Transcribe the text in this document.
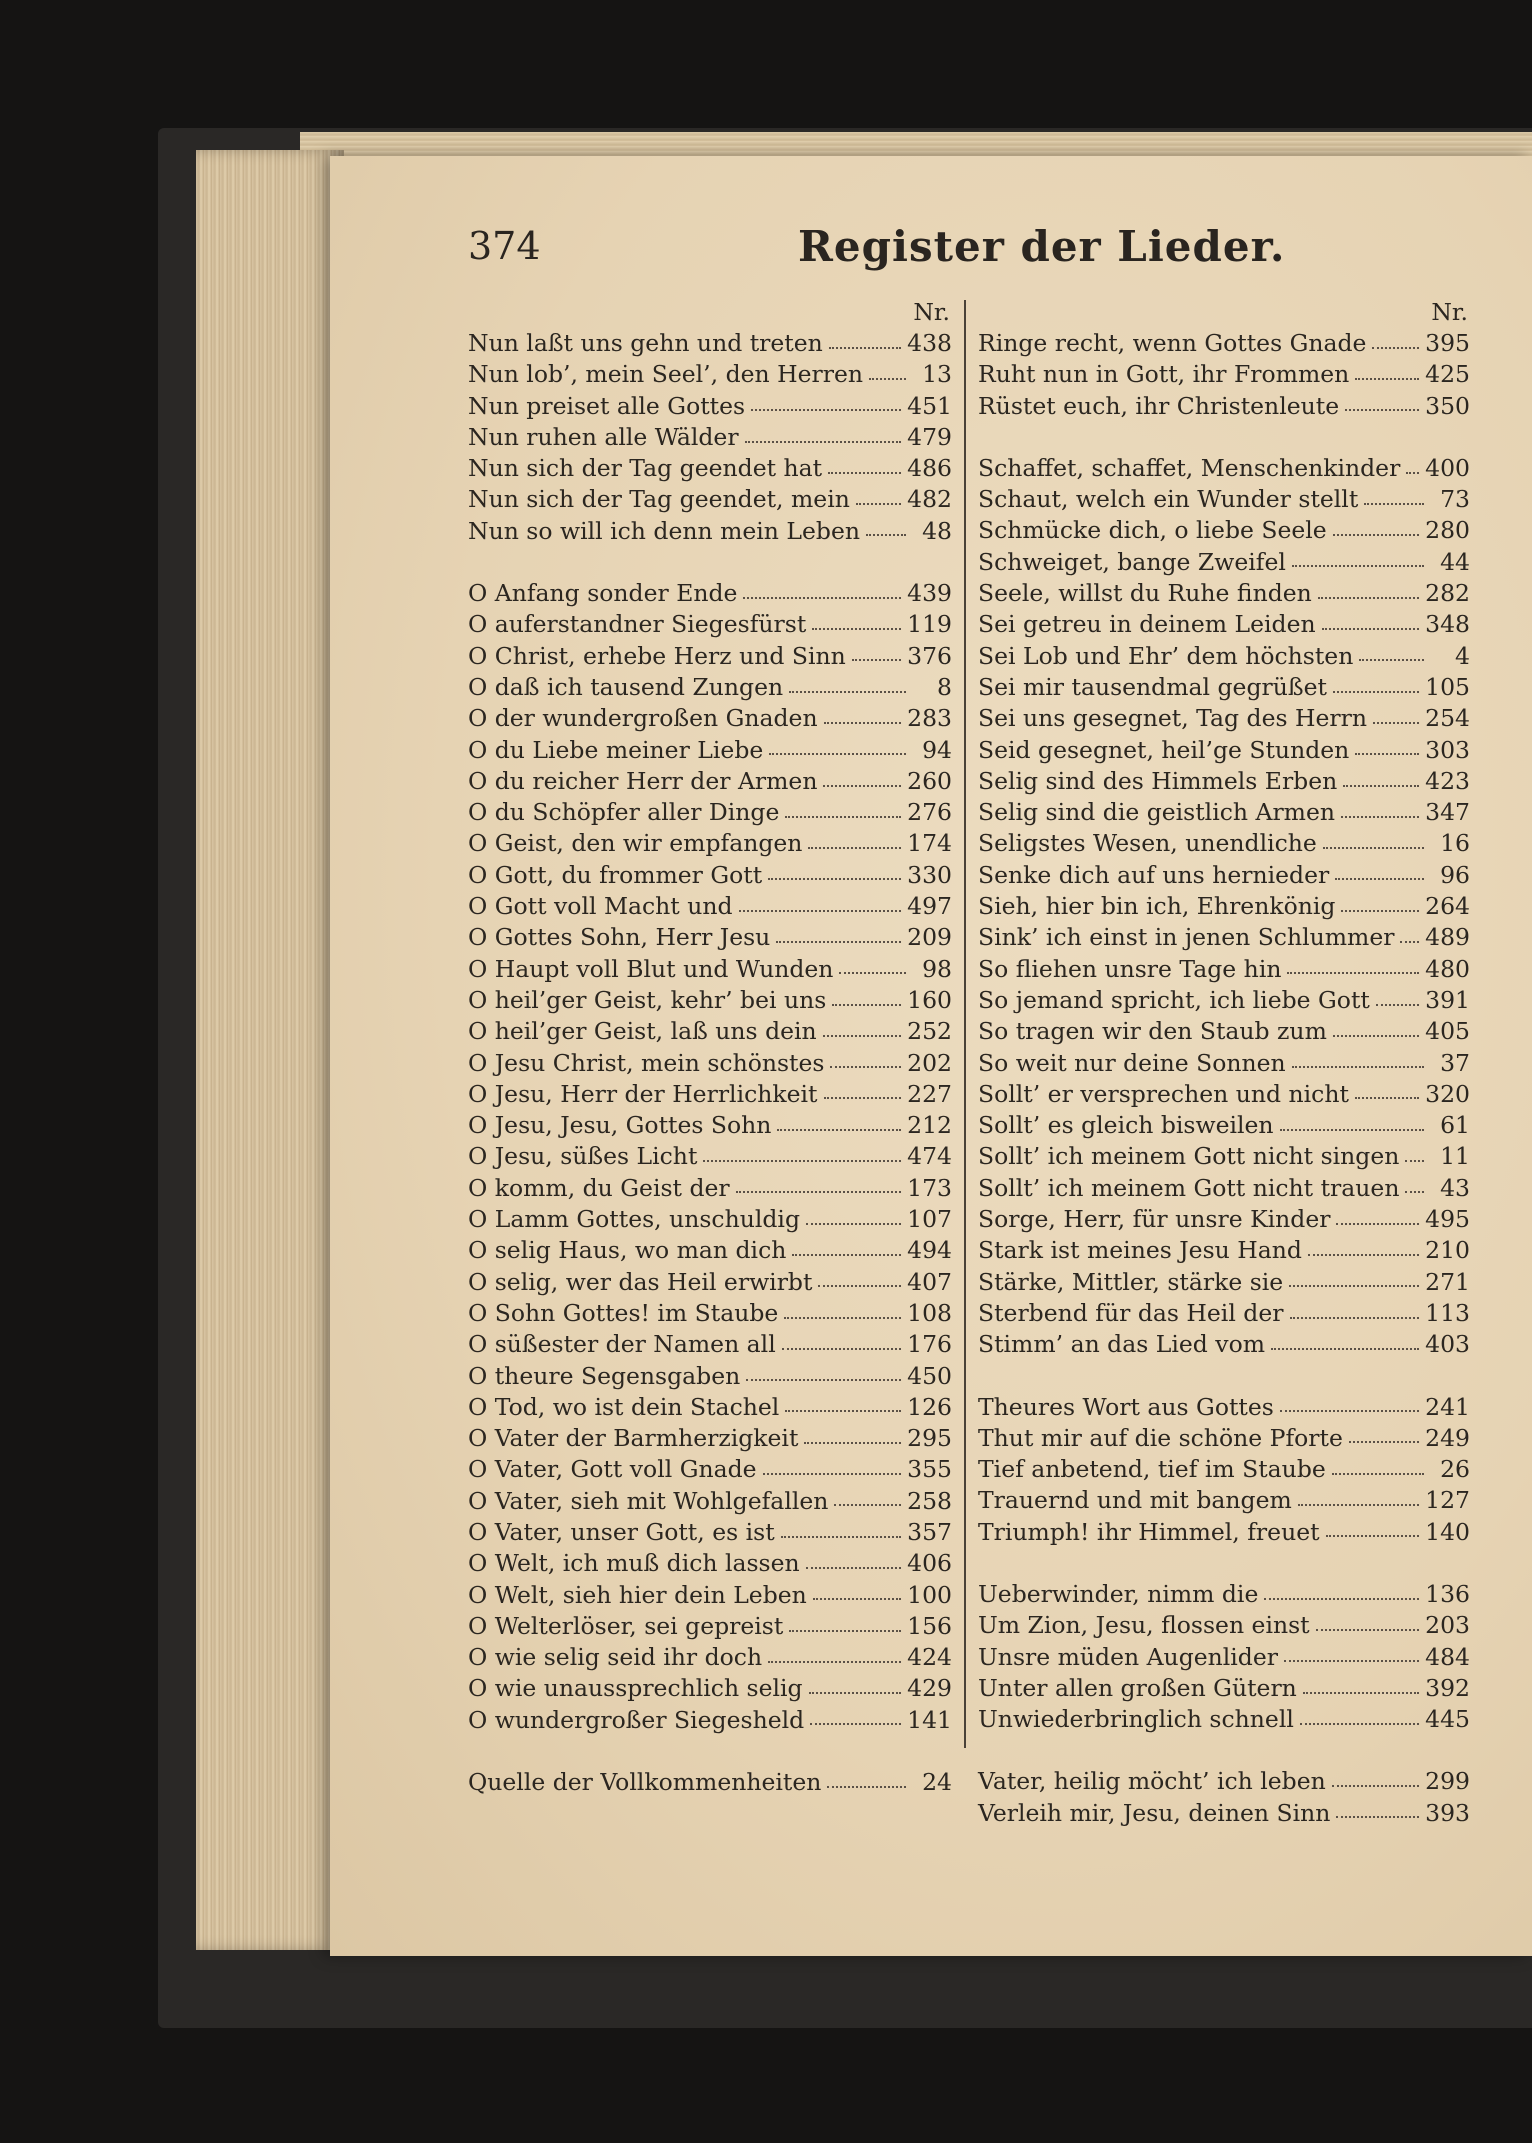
374	Register der Lieder.
Nr.
Nun laßt uns gehn und treten	438
Nun lob’, mein Seel’, den Herren	13
Nun preiset alle Gottes	451
Nun ruhen alle Wälder	479
Nun sich der Tag geendet hat	486
Nun sich der Tag geendet, mein 482
Nun so will ich denn mein Leben	48
O Anfang sonder Ende	439
O auferstandner Siegesfürst	119
O Christ, erhebe Herz und Sinn	376
O daß ich tausend Zungen	8
O der wundergroßen Gnaden	283
O du Liebe meiner Liebe	94
O du reicher Herr der Armen	260
O du Schöpfer aller Dinge	276
O Geist, den wir empfangen	174
O Gott, du frommer Gott	330
O Gott voll Macht und	497
O Gottes Sohn, Herr Jesu	209
O Haupt voll Blut und Wunden	98
O heil’ger Geist, kehr’ bei uns	160
O heil’ger Geist, laß uns dein	252
O Jesu Christ, mein schönstes	202
O Jesu, Herr der Herrlichkeit	227
O Jesu, Jesu, Gottes Sohn	212
O Jesu, süßes Licht	474
O komm, du Geist der	173
O Lamm Gottes, unschuldig	107
O selig Haus, wo man dich	494
O selig, wer das Heil erwirbt	407
O Sohn Gottes! im Staube	108
O süßester der Namen all	176
O theure Segensgaben	450
O Tod, wo ist dein Stachel	126
O Vater der Barmherzigkeit	295
O Vater, Gott voll Gnade	355
O Vater, sieh mit Wohlgefallen	258
O Vater, unser Gott, es ist	357
O Welt, ich muß dich lassen	406
O Welt, sieh hier dein Leben	100
O Welterlöser, sei gepreist	156
O wie selig seid ihr doch	424
O wie unaussprechlich selig	429
O wundergroßer Siegesheld	141
Quelle der Vollkommenheiten	24
Nr.
Ringe recht, wenn Gottes Gnade 395
Ruht nun in Gott, ihr Frommen	425
Rüstet euch, ihr Christenleute	350
Schaffet, schaffet, Menschenkinder 400
Schaut, welch ein Wunder stellt	73
Schmücke dich, o liebe Seele	280
Schweiget, bange Zweifel	44
Seele, willst du Ruhe finden	282
Sei getreu in deinem Leiden	348
Sei Lob und Ehr’ dem höchsten	4
Sei mir tausendmal gegrüßet	105
Sei uns gesegnet, Tag des Herrn 254
Seid gesegnet, heil’ge Stunden	303
Selig sind des Himmels Erben	423
Selig sind die geistlich Armen	347
Seligstes Wesen, unendliche	16
Senke dich auf uns hernieder	96
Sieh, hier bin ich, Ehrenkönig	264
Sink’ ich einst in jenen Schlummer 489
So fliehen unsre Tage hin	480
So jemand spricht, ich liebe Gott 391
So tragen wir den Staub zum	405
So weit nur deine Sonnen	37
Sollt’ er versprechen und nicht	320
Sollt’ es gleich bisweilen	61
Sollt’ ich meinem Gott nicht singen	11
Sollt’ ich meinem Gott nicht trauen	43
Sorge, Herr, für unsre Kinder	495
Stark ist meines Jesu Hand	210
Stärke, Mittler, stärke sie	271
Sterbend für das Heil der	113
Stimm’ an das Lied vom	403
Theures Wort aus Gottes	241
Thut mir auf die schöne Pforte	249
Tief anbetend, tief im Staube	26
Trauernd und mit bangem	127
Triumph! ihr Himmel, freuet	140
Ueberwinder, nimm die	136
Um Zion, Jesu, flossen einst	203
Unsre müden Augenlider	484
Unter allen großen Gütern	392
Unwiederbringlich schnell	445
Vater, heilig möcht’ ich leben	299
Verleih mir, Jesu, deinen Sinn	393
